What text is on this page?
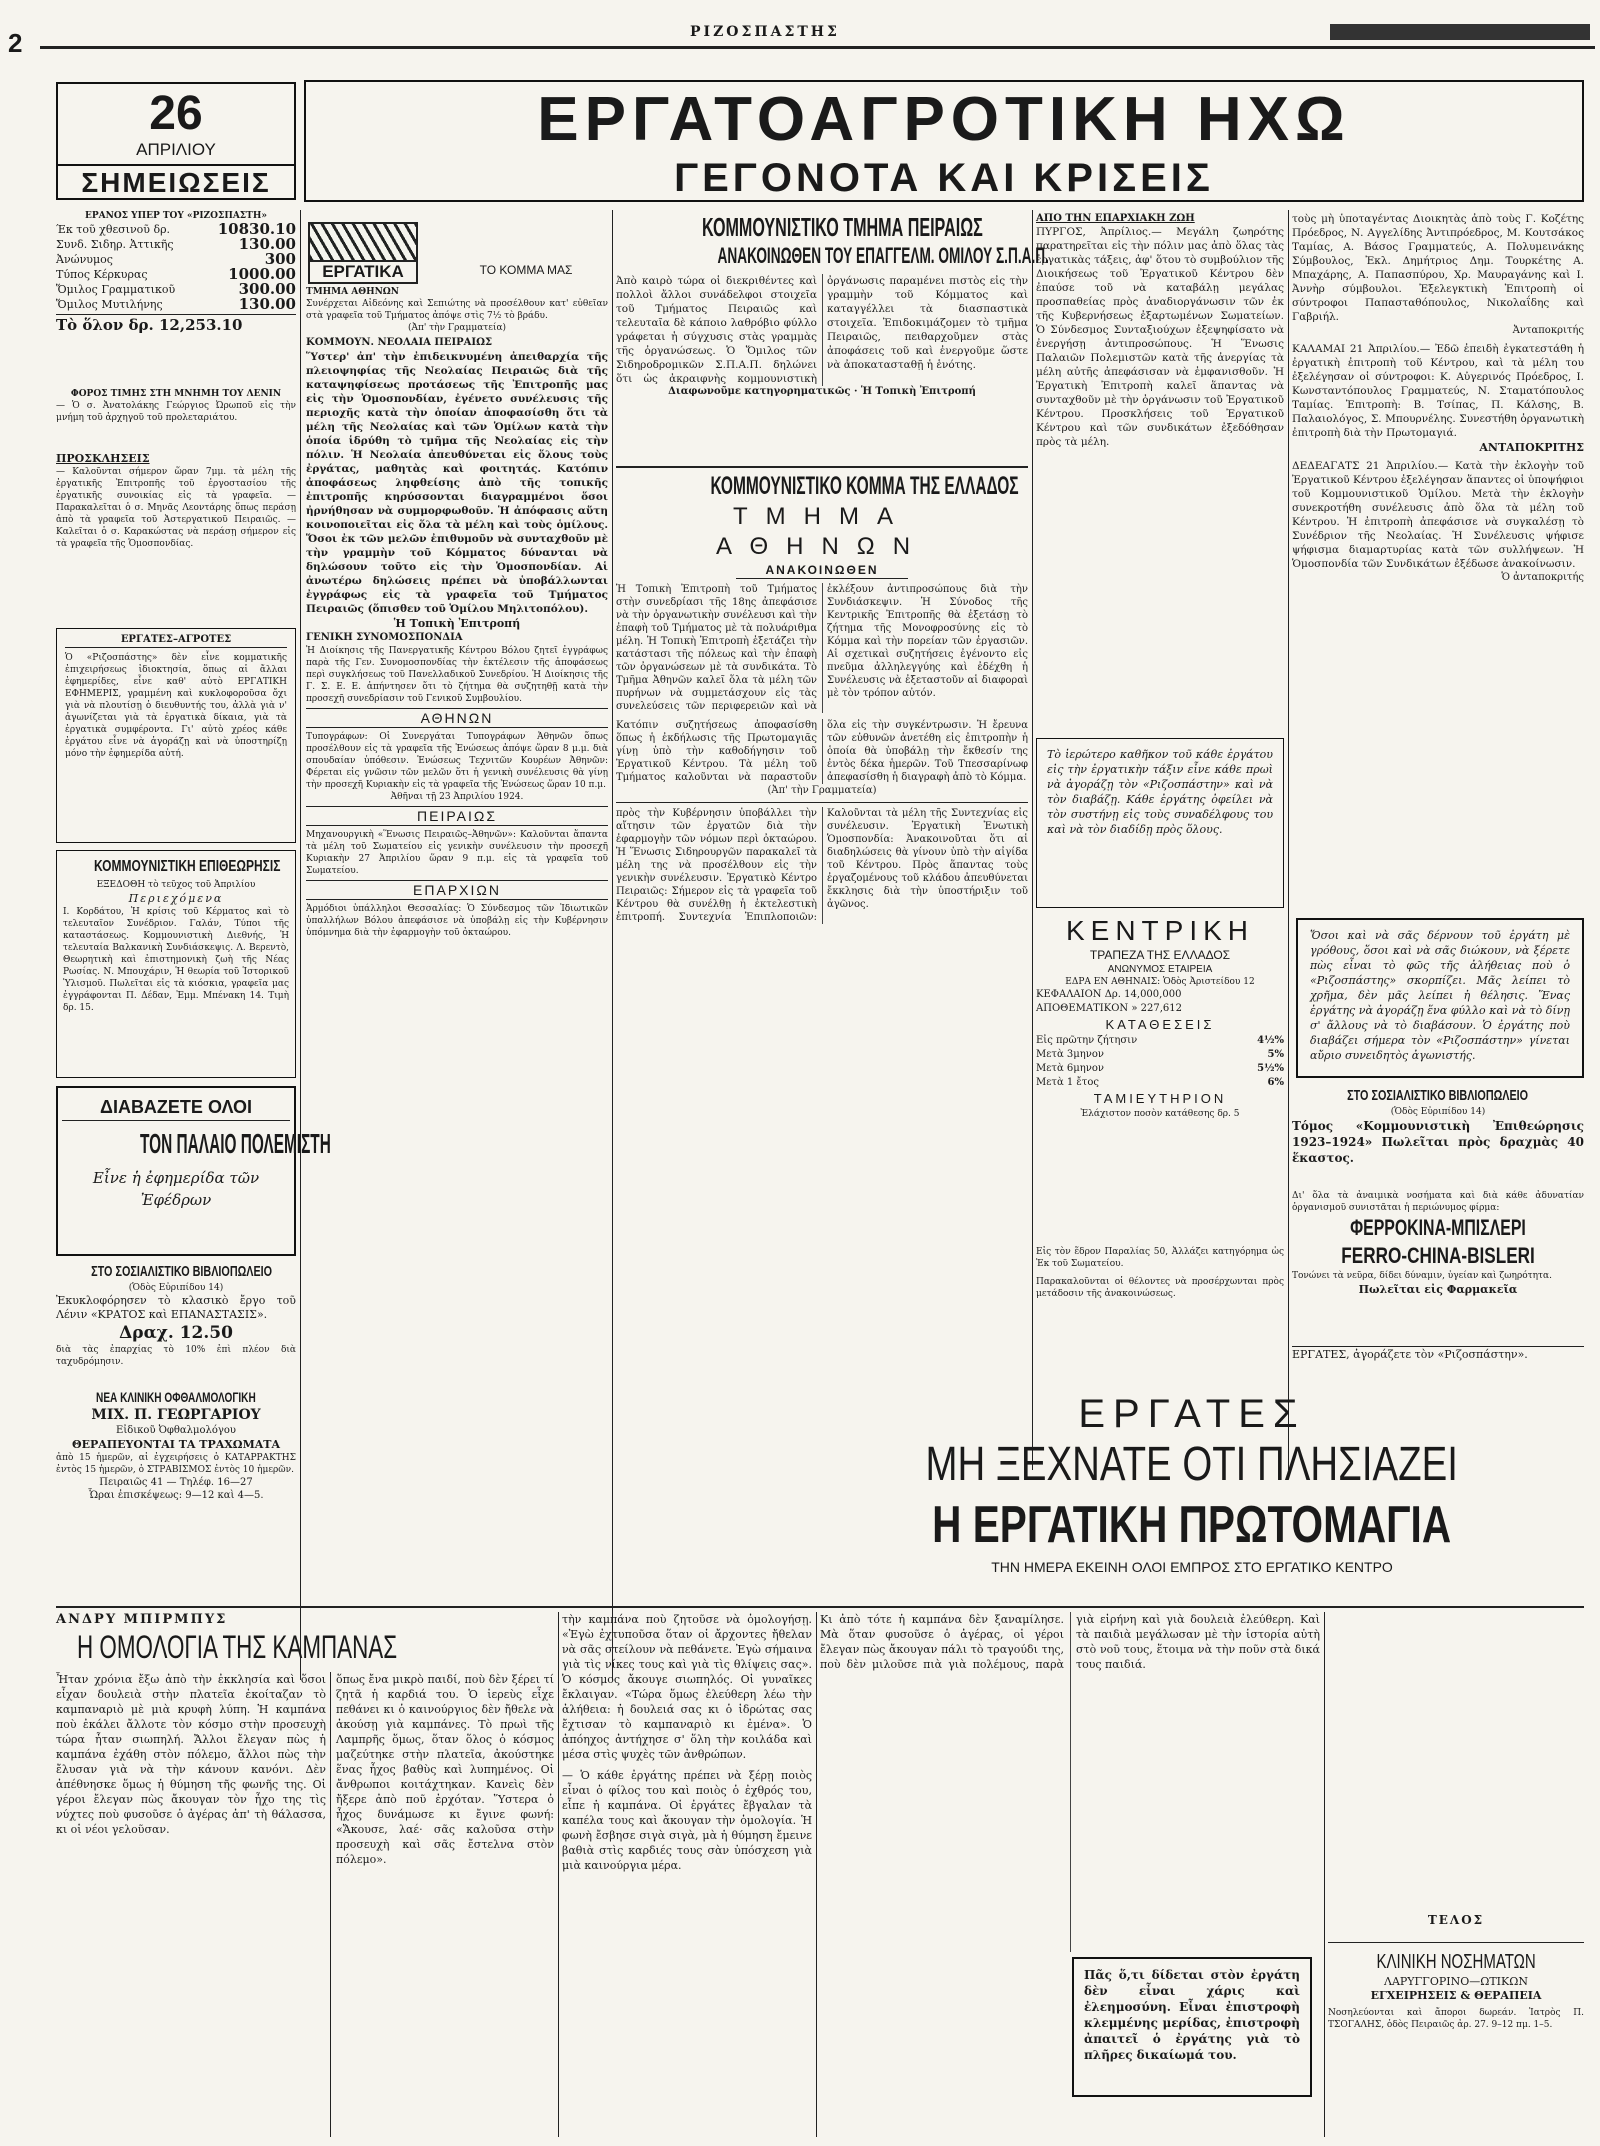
2	ΡΙΖΟΣΠΑΣΤΗΣ
26
ΑΠΡΙΛΙΟΥ
ΣΗΜΕΙΩΣΕΙΣ
ΕΡΓΑΤΟΑΓΡΟΤΙΚΗ ΗΧΩ
ΓΕΓΟΝΟΤΑ ΚΑΙ ΚΡΙΣΕΙΣ
ΕΡΑΝΟΣ ΥΠΕΡ ΤΟΥ «ΡΙΖΟΣΠΑΣΤΗ»
Έκ τοῦ χθεσινοῦ δρ.	10830.10
Συνδ. Σιδηρ. Ἀττικῆς	130.00
Ἀνώνυμος	300
Τύπος Κέρκυρας	1000.00
Ὅμιλος Γραμματικοῦ	300.00
Ὅμιλος Μυτιλήνης	130.00
Τὸ ὅλον δρ. 12,253.10
ΦΟΡΟΣ ΤΙΜΗΣ ΣΤΗ ΜΝΗΜΗ ΤΟΥ ΛΕΝΙΝ

— Ὁ σ. Ἀνατολάκης Γεώργιος Ὠρωποῦ εἰς τὴν μνήμη τοῦ ἀρχηγοῦ τοῦ προλεταριάτου.

ΠΡΟΣΚΛΗΣΕΙΣ

— Καλοῦνται σήμερον ὥραν 7μμ. τὰ μέλη τῆς ἐργατικῆς Ἐπιτροπῆς τοῦ ἐργοστασίου τῆς ἐργατικῆς συνοικίας εἰς τὰ γραφεῖα. — Παρακαλεῖται ὁ σ. Μηνᾶς Λεοντάρης ὅπως περάσῃ ἀπὸ τὰ γραφεῖα τοῦ Ἀστεργατικοῦ Πειραιῶς. — Καλεῖται ὁ σ. Καρακώστας νὰ περάσῃ σήμερον εἰς τὰ γραφεῖα τῆς Ὁμοσπονδίας.

ΕΡΓΑΤΕΣ–ΑΓΡΟΤΕΣ

Ὁ «Ριζοσπάστης» δὲν εἶνε κομματικῆς ἐπιχειρήσεως ἰδιοκτησία, ὅπως αἱ ἄλλαι ἐφημερίδες, εἶνε καθ' αὐτὸ ΕΡΓΑΤΙΚΗ ΕΦΗΜΕΡΙΣ, γραμμένη καὶ κυκλοφοροῦσα ὄχι γιὰ νὰ πλουτίσῃ ὁ διευθυντής του, ἀλλὰ γιὰ ν' ἀγωνίζεται γιὰ τὰ ἐργατικὰ δίκαια, γιὰ τὰ ἐργατικὰ συμφέροντα. Γι' αὐτὸ χρέος κάθε ἐργάτου εἶνε νὰ ἀγοράζῃ καὶ νὰ ὑποστηρίζῃ μόνο τὴν ἐφημερίδα αὐτή.

ΚΟΜΜΟΥΝΙΣΤΙΚΗ ΕΠΙΘΕΩΡΗΣΙΣ
ΕΞΕΔΟΘΗ τὸ τεῦχος τοῦ Ἀπριλίου
Περιεχόμενα

Ι. Κορδάτου, Ἡ κρίσις τοῦ Κέρματος καὶ τὸ τελευταῖον Συνέδριον. Γαλάν, Τύποι τῆς καταστάσεως. Κομμουνιστικὴ Διεθνής, Ἡ τελευταία Βαλκανικὴ Συνδιάσκεψις. Λ. Βερεντὸ, Θεωρητικὴ καὶ ἐπιστημονικὴ ζωὴ τῆς Νέας Ρωσίας. Ν. Μπουχάριν, Ἡ θεωρία τοῦ Ἱστορικοῦ Ὑλισμοῦ. Πωλεῖται εἰς τὰ κιόσκια, γραφεῖα μας ἐγγράφονται Π. Δέδαν, Ἐμμ. Μπένακη 14. Τιμὴ δρ. 15.

ΔΙΑΒΑΖΕΤΕ ΟΛΟΙ
ΤΟΝ ΠΑΛΑΙΟ ΠΟΛΕΜΙΣΤΗ
Εἶνε ἡ ἐφημερίδα τῶν Ἐφέδρων
ΣΤΟ ΣΟΣΙΑΛΙΣΤΙΚΟ ΒΙΒΛΙΟΠΩΛΕΙΟ
(Ὁδὸς Εὐριπίδου 14)

Ἐκυκλοφόρησεν τὸ κλασικὸ ἔργο τοῦ Λένιν «ΚΡΑΤΟΣ καὶ ΕΠΑΝΑΣΤΑΣΙΣ».

Δραχ. 12.50

διὰ τὰς ἐπαρχίας τὸ 10% ἐπὶ πλέον διὰ ταχυδρόμησιν.

ΝΕΑ ΚΛΙΝΙΚΗ ΟΦΘΑΛΜΟΛΟΓΙΚΗ
ΜΙΧ. Π. ΓΕΩΡΓΑΡΙΟΥ
Εἰδικοῦ Ὀφθαλμολόγου
ΘΕΡΑΠΕΥΟΝΤΑΙ ΤΑ ΤΡΑΧΩΜΑΤΑ

ἀπὸ 15 ἡμερῶν, αἱ ἐγχειρήσεις ὁ ΚΑΤΑΡΡΑΚΤΗΣ ἐντὸς 15 ἡμερῶν, ὁ ΣΤΡΑΒΙΣΜΟΣ ἐντὸς 10 ἡμερῶν.

Πειραιῶς 41 — Τηλέφ. 16—27
Ὧραι ἐπισκέψεως: 9—12 καὶ 4—5.
ΕΡΓΑΤΙΚΑ	ΤΟ ΚΟΜΜΑ ΜΑΣ
ΤΜΗΜΑ ΑΘΗΝΩΝ

Συνέρχεται Αἰδεόνης καὶ Σεπιώτης νὰ προσέλθουν κατ' εὐθεῖαν στὰ γραφεῖα τοῦ Τμήματος ἀπόψε στὶς 7½ τὸ βράδυ.

(Ἀπ' τὴν Γραμματεία)
ΚΟΜΜΟΥΝ. ΝΕΟΛΑΙΑ ΠΕΙΡΑΙΩΣ

Ὕστερ' ἀπ' τὴν ἐπιδεικνυμένη ἀπειθαρχία τῆς πλειοψηφίας τῆς Νεολαίας Πειραιῶς διὰ τῆς καταψηφίσεως προτάσεως τῆς Ἐπιτροπῆς μας εἰς τὴν Ὁμοσπονδίαν, ἐγένετο συνέλευσις τῆς περιοχῆς κατὰ τὴν ὁποίαν ἀποφασίσθη ὅτι τὰ μέλη τῆς Νεολαίας καὶ τῶν Ὁμίλων κατὰ τὴν ὁποία ἱδρύθη τὸ τμῆμα τῆς Νεολαίας εἰς τὴν πόλιν. Ἡ Νεολαία ἀπευθύνεται εἰς ὅλους τοὺς ἐργάτας, μαθητὰς καὶ φοιτητάς. Κατόπιν ἀποφάσεως ληφθείσης ἀπὸ τῆς τοπικῆς ἐπιτροπῆς κηρύσσονται διαγραμμένοι ὅσοι ἠρνήθησαν νὰ συμμορφωθοῦν. Ἡ ἀπόφασις αὕτη κοινοποιεῖται εἰς ὅλα τὰ μέλη καὶ τοὺς ὁμίλους. Ὅσοι ἐκ τῶν μελῶν ἐπιθυμοῦν νὰ συνταχθοῦν μὲ τὴν γραμμὴν τοῦ Κόμματος δύνανται νὰ δηλώσουν τοῦτο εἰς τὴν Ὁμοσπονδίαν. Αἱ ἀνωτέρω δηλώσεις πρέπει νὰ ὑποβάλλωνται ἐγγράφως εἰς τὰ γραφεῖα τοῦ Τμήματος Πειραιῶς (ὅπισθεν τοῦ Ὁμίλου Μηλιτοπόλου).

Ἡ Τοπικὴ Ἐπιτροπή
ΓΕΝΙΚΗ ΣΥΝΟΜΟΣΠΟΝΔΙΑ

Ἡ Διοίκησις τῆς Πανεργατικῆς Κέντρου Βόλου ζητεῖ ἐγγράφως παρὰ τῆς Γεν. Συνομοσπονδίας τὴν ἐκτέλεσιν τῆς ἀποφάσεως περὶ συγκλήσεως τοῦ Πανελλαδικοῦ Συνεδρίου. Ἡ Διοίκησις τῆς Γ. Σ. Ε. Ε. ἀπήντησεν ὅτι τὸ ζήτημα θὰ συζητηθῇ κατὰ τὴν προσεχῆ συνεδρίασιν τοῦ Γενικοῦ Συμβουλίου.

ΑΘΗΝΩΝ

Τυπογράφων: Οἱ Συνεργάται Τυπογράφων Ἀθηνῶν ὅπως προσέλθουν εἰς τὰ γραφεῖα τῆς Ἑνώσεως ἀπόψε ὥραν 8 μ.μ. διὰ σπουδαίαν ὑπόθεσιν. Ἑνώσεως Τεχνιτῶν Κουρέων Ἀθηνῶν: Φέρεται εἰς γνῶσιν τῶν μελῶν ὅτι ἡ γενικὴ συνέλευσις θὰ γίνῃ τὴν προσεχῆ Κυριακὴν εἰς τὰ γραφεῖα τῆς Ἑνώσεως ὥραν 10 π.μ.

Ἀθῆναι τῇ 23 Ἀπριλίου 1924.
ΠΕΙΡΑΙΩΣ

Μηχανουργικὴ «Ἕνωσις Πειραιῶς–Ἀθηνῶν»: Καλοῦνται ἅπαντα τὰ μέλη τοῦ Σωματείου εἰς γενικὴν συνέλευσιν τὴν προσεχῆ Κυριακὴν 27 Ἀπριλίου ὥραν 9 π.μ. εἰς τὰ γραφεῖα τοῦ Σωματείου.

ΕΠΑΡΧΙΩΝ

Ἁρμόδιοι ὑπάλληλοι Θεσσαλίας: Ὁ Σύνδεσμος τῶν Ἰδιωτικῶν ὑπαλλήλων Βόλου ἀπεφάσισε νὰ ὑποβάλῃ εἰς τὴν Κυβέρνησιν ὑπόμνημα διὰ τὴν ἐφαρμογὴν τοῦ ὀκταώρου.

ΚΟΜΜΟΥΝΙΣΤΙΚΟ ΤΜΗΜΑ ΠΕΙΡΑΙΩΣ
ΑΝΑΚΟΙΝΩΘΕΝ ΤΟΥ ΕΠΑΓΓΕΛΜ. ΟΜΙΛΟΥ Σ.Π.Α.Π.

Ἀπὸ καιρὸ τώρα οἱ διεκριθέντες καὶ πολλοὶ ἄλλοι συνάδελφοι στοιχεῖα τοῦ Τμήματος Πειραιῶς καὶ τελευταῖα δὲ κάποιο λαθρόβιο φύλλο γράφεται ἡ σύγχυσις στὰς γραμμὰς τῆς ὀργανώσεως. Ὁ Ὅμιλος τῶν Σιδηροδρομικῶν Σ.Π.Α.Π. δηλώνει ὅτι ὡς ἀκραιφνὴς κομμουνιστικὴ ὀργάνωσις παραμένει πιστὸς εἰς τὴν γραμμὴν τοῦ Κόμματος καὶ καταγγέλλει τὰ διασπαστικὰ στοιχεῖα. Ἐπιδοκιμάζομεν τὸ τμῆμα Πειραιῶς, πειθαρχοῦμεν στὰς ἀποφάσεις τοῦ καὶ ἐνεργοῦμε ὥστε νὰ ἀποκατασταθῇ ἡ ἑνότης.

Διαφωνοῦμε κατηγορηματικῶς · Ἡ Τοπικὴ Ἐπιτροπή
ΚΟΜΜΟΥΝΙΣΤΙΚΟ ΚΟΜΜΑ ΤΗΣ ΕΛΛΑΔΟΣ
ΤΜΗΜΑ ΑΘΗΝΩΝ
ΑΝΑΚΟΙΝΩΘΕΝ

Ἡ Τοπικὴ Ἐπιτροπὴ τοῦ Τμήματος στὴν συνεδρίασι τῆς 18ης ἀπεφάσισε νὰ τὴν ὀργανωτικὴν συνέλευσι καὶ τὴν ἐπαφὴ τοῦ Τμήματος μὲ τὰ πολυάριθμα μέλη. Ἡ Τοπικὴ Ἐπιτροπὴ ἐξετάζει τὴν κατάστασι τῆς πόλεως καὶ τὴν ἐπαφὴ τῶν ὀργανώσεων μὲ τὰ συνδικάτα. Τὸ Τμῆμα Ἀθηνῶν καλεῖ ὅλα τὰ μέλη τῶν πυρήνων νὰ συμμετάσχουν εἰς τὰς συνελεύσεις τῶν περιφερειῶν καὶ νὰ ἐκλέξουν ἀντιπροσώπους διὰ τὴν Συνδιάσκεψιν. Ἡ Σύνοδος τῆς Κεντρικῆς Ἐπιτροπῆς θὰ ἐξετάσῃ τὸ ζήτημα τῆς Μονοφροσύνης εἰς τὸ Κόμμα καὶ τὴν πορείαν τῶν ἐργασιῶν. Αἱ σχετικαὶ συζητήσεις ἐγένοντο εἰς πνεῦμα ἀλληλεγγύης καὶ ἐδέχθη ἡ Συνέλευσις νὰ ἐξεταστοῦν αἱ διαφοραὶ μὲ τὸν τρόπον αὐτόν.

Κατόπιν συζητήσεως ἀποφασίσθη ὅπως ἡ ἐκδήλωσις τῆς Πρωτομαγιᾶς γίνῃ ὑπὸ τὴν καθοδήγησιν τοῦ Ἐργατικοῦ Κέντρου. Τὰ μέλη τοῦ Τμήματος καλοῦνται νὰ παραστοῦν ὅλα εἰς τὴν συγκέντρωσιν. Ἡ ἔρευνα τῶν εὐθυνῶν ἀνετέθη εἰς ἐπιτροπὴν ἡ ὁποία θὰ ὑποβάλῃ τὴν ἔκθεσίν της ἐντὸς δέκα ἡμερῶν. Τοῦ Τπεσσαρίνωφ ἀπεφασίσθη ἡ διαγραφὴ ἀπὸ τὸ Κόμμα.

(Ἀπ' τὴν Γραμματεία)

πρὸς τὴν Κυβέρνησιν ὑποβάλλει τὴν αἴτησιν τῶν ἐργατῶν διὰ τὴν ἐφαρμογὴν τῶν νόμων περὶ ὀκταώρου. Ἡ Ἕνωσις Σιδηρουργῶν παρακαλεῖ τὰ μέλη της νὰ προσέλθουν εἰς τὴν γενικὴν συνέλευσιν. Ἐργατικὸ Κέντρο Πειραιῶς: Σήμερον εἰς τὰ γραφεῖα τοῦ Κέντρου θὰ συνέλθῃ ἡ ἐκτελεστικὴ ἐπιτροπή. Συντεχνία Ἐπιπλοποιῶν: Καλοῦνται τὰ μέλη τῆς Συντεχνίας εἰς συνέλευσιν. Ἐργατικὴ Ἐνωτικὴ Ὁμοσπονδία: Ἀνακοινοῦται ὅτι αἱ διαδηλώσεις θὰ γίνουν ὑπὸ τὴν αἰγίδα τοῦ Κέντρου. Πρὸς ἅπαντας τοὺς ἐργαζομένους τοῦ κλάδου ἀπευθύνεται ἔκκλησις διὰ τὴν ὑποστήριξιν τοῦ ἀγῶνος.

ΑΠΟ ΤΗΝ ΕΠΑΡΧΙΑΚΗ ΖΩΗ

ΠΥΡΓΟΣ, Ἀπρίλιος.— Μεγάλη ζωηρότης παρατηρεῖται εἰς τὴν πόλιν μας ἀπὸ ὅλας τὰς ἐργατικὰς τάξεις, ἀφ' ὅτου τὸ συμβούλιον τῆς Διοικήσεως τοῦ Ἐργατικοῦ Κέντρου δὲν ἐπαύσε τοῦ νὰ καταβάλῃ μεγάλας προσπαθείας πρὸς ἀναδιοργάνωσιν τῶν ἐκ τῆς Κυβερνήσεως ἐξαρτωμένων Σωματείων. Ὁ Σύνδεσμος Συνταξιούχων ἐξεψηφίσατο νὰ ἐνεργήσῃ ἀντιπροσώπους. Ἡ Ἕνωσις Παλαιῶν Πολεμιστῶν κατὰ τῆς ἀνεργίας τὰ μέλη αὐτῆς ἀπεφάσισαν νὰ ἐμφανισθοῦν. Ἡ Ἐργατικὴ Ἐπιτροπὴ καλεῖ ἅπαντας νὰ συνταχθοῦν μὲ τὴν ὀργάνωσιν τοῦ Ἐργατικοῦ Κέντρου. Προσκλήσεις τοῦ Ἐργατικοῦ Κέντρου καὶ τῶν συνδικάτων ἐξεδόθησαν πρὸς τὰ μέλη.

Τὸ ἱερώτερο καθῆκον τοῦ κάθε ἐργάτου εἰς τὴν ἐργατικὴν τάξιν εἶνε κάθε πρωὶ νὰ ἀγοράζῃ τὸν «Ριζοσπάστην» καὶ νὰ τὸν διαβάζῃ. Κάθε ἐργάτης ὀφείλει νὰ τὸν συστήνῃ εἰς τοὺς συναδέλφους του καὶ νὰ τὸν διαδίδῃ πρὸς ὅλους.

ΚΕΝΤΡΙΚΗ
ΤΡΑΠΕΖΑ ΤΗΣ ΕΛΛΑΔΟΣ
ΑΝΩΝΥΜΟΣ ΕΤΑΙΡΕΙΑ
ΕΔΡΑ ΕΝ ΑΘΗΝΑΙΣ: Ὁδὸς Ἀριστείδου 12
ΚΕΦΑΛΑΙΟΝ Δρ. 14,000,000
ΑΠΟΘΕΜΑΤΙΚΟΝ » 227,612
ΚΑΤΑΘΕΣΕΙΣ
Εἰς πρῶτην ζήτησιν	4½%
Μετὰ 3μηνον	5%
Μετὰ 6μηνον	5½%
Μετὰ 1 ἔτος	6%
ΤΑΜΙΕΥΤΗΡΙΟΝ
Ἐλάχιστον ποσὸν κατάθεσης δρ. 5

Εἰς τὸν ἕδρον Παραλίας 50, Ἀλλάζει κατηγόρημα ὡς Ἐκ τοῦ Σωματείου.

Παρακαλοῦνται οἱ θέλοντες νὰ προσέρχωνται πρὸς μετάδοσιν τῆς ἀνακοινώσεως.

τοὺς μὴ ὑποταγέντας Διοικητὰς ἀπὸ τοὺς Γ. Κοζέτης Πρόεδρος, Ν. Αγγελίδης Ἀντιπρόεδρος, Μ. Κουτσάκος Ταμίας, Α. Βάσος Γραμματεύς, Α. Πολυμεινάκης Σύμβουλος, Ἐκλ. Δημήτριος Δημ. Τουρκέτης Α. Μπαχάρης, Α. Παπασπύρου, Χρ. Μαυραγάνης καὶ Ι. Ἀννὴρ σύμβουλοι. Ἐξελεγκτικὴ Ἐπιτροπὴ οἱ σύντροφοι Παπασταθόπουλος, Νικολαΐδης καὶ Γαβριήλ.

Ἀνταποκριτής

ΚΑΛΑΜΑΙ 21 Ἀπριλίου.— Ἐδῶ ἐπειδὴ ἐγκατεστάθη ἡ ἐργατικὴ ἐπιτροπὴ τοῦ Κέντρου, καὶ τὰ μέλη του ἐξελέγησαν οἱ σύντροφοι: Κ. Αὐγερινός Πρόεδρος, Ι. Κωνσταντόπουλος Γραμματεύς, Ν. Σταματόπουλος Ταμίας. Ἐπιτροπὴ: Β. Τσίπας, Π. Κάλσης, Β. Παλαιολόγος, Σ. Μπουρνέλης. Συνεστήθη ὀργανωτικὴ ἐπιτροπὴ διὰ τὴν Πρωτομαγιά.

ΑΝΤΑΠΟΚΡΙΤΗΣ

ΔΕΔΕΑΓΑΤΣ 21 Ἀπριλίου.— Κατὰ τὴν ἐκλογὴν τοῦ Ἐργατικοῦ Κέντρου ἐξελέγησαν ἅπαντες οἱ ὑποψήφιοι τοῦ Κομμουνιστικοῦ Ὁμίλου. Μετὰ τὴν ἐκλογὴν συνεκροτήθη συνέλευσις ἀπὸ ὅλα τὰ μέλη τοῦ Κέντρου. Ἡ ἐπιτροπὴ ἀπεφάσισε νὰ συγκαλέσῃ τὸ Συνέδριον τῆς Νεολαίας. Ἡ Συνέλευσις ψήφισε ψήφισμα διαμαρτυρίας κατὰ τῶν συλλήψεων. Ἡ Ὁμοσπονδία τῶν Συνδικάτων ἐξέδωσε ἀνακοίνωσιν.

Ὁ ἀνταποκριτής

Ὅσοι καὶ νὰ σᾶς δέρνουν τοῦ ἐργάτη μὲ γρόθους, ὅσοι καὶ νὰ σᾶς διώκουν, νὰ ξέρετε πὼς εἶναι τὸ φῶς τῆς ἀλήθειας ποὺ ὁ «Ριζοσπάστης» σκορπίζει. Μᾶς λείπει τὸ χρῆμα, δὲν μᾶς λείπει ἡ θέλησις. Ἕνας ἐργάτης νὰ ἀγοράζῃ ἕνα φύλλο καὶ νὰ τὸ δίνῃ σ' ἄλλους νὰ τὸ διαβάσουν. Ὁ ἐργάτης ποὺ διαβάζει σήμερα τὸν «Ριζοσπάστην» γίνεται αὔριο συνειδητὸς ἀγωνιστής.

ΣΤΟ ΣΟΣΙΑΛΙΣΤΙΚΟ ΒΙΒΛΙΟΠΩΛΕΙΟ
(Ὁδὸς Εὐριπίδου 14)

Τόμος «Κομμουνιστικὴ Ἐπιθεώρησις 1923–1924» Πωλεῖται πρὸς δραχμὰς 40 ἕκαστος.

Δι' ὅλα τὰ ἀναιμικὰ νοσήματα καὶ διὰ κάθε ἀδυνατίαν ὀργανισμοῦ συνιστᾶται ἡ περιώνυμος φίρμα:

ΦΕΡΡΟΚΙΝΑ-ΜΠΙΣΛΕΡΙ
FERRO-CHINA-BISLERI

Τονώνει τὰ νεῦρα, δίδει δύναμιν, ὑγείαν καὶ ζωηρότητα.

Πωλεῖται εἰς Φαρμακεῖα

ΕΡΓΑΤΕΣ, ἀγοράζετε τὸν «Ριζοσπάστην».

ΕΡΓΑΤΕΣ
ΜΗ ΞΕΧΝΑΤΕ ΟΤΙ ΠΛΗΣΙΑΖΕΙ
Η ΕΡΓΑΤΙΚΗ ΠΡΩΤΟΜΑΓΙΑ
ΤΗΝ ΗΜΕΡΑ ΕΚΕΙΝΗ ΟΛΟΙ ΕΜΠΡΟΣ ΣΤΟ ΕΡΓΑΤΙΚΟ ΚΕΝΤΡΟ
ΑΝΔΡΥ ΜΠΙΡΜΠΥΣ
Η ΟΜΟΛΟΓΙΑ ΤΗΣ ΚΑΜΠΑΝΑΣ

Ἦταν χρόνια ἔξω ἀπὸ τὴν ἐκκλησία καὶ ὅσοι εἶχαν δουλειὰ στὴν πλατεῖα ἐκοίταζαν τὸ καμπαναριὸ μὲ μιὰ κρυφὴ λύπη. Ἡ καμπάνα ποὺ ἐκάλει ἄλλοτε τὸν κόσμο στὴν προσευχὴ τώρα ἦταν σιωπηλή. Ἄλλοι ἔλεγαν πὼς ἡ καμπάνα ἐχάθη στὸν πόλεμο, ἄλλοι πὼς τὴν ἔλυσαν γιὰ νὰ τὴν κάνουν κανόνι. Δὲν ἀπέθνησκε ὅμως ἡ θύμηση τῆς φωνῆς της. Οἱ γέροι ἔλεγαν πὼς ἄκουγαν τὸν ἦχο της τὶς νύχτες ποὺ φυσοῦσε ὁ ἀγέρας ἀπ' τὴ θάλασσα, κι οἱ νέοι γελοῦσαν.

ὅπως ἔνα μικρὸ παιδί, ποὺ δὲν ξέρει τί ζητᾶ ἡ καρδιά του. Ὁ ἱερεὺς εἶχε πεθάνει κι ὁ καινούργιος δὲν ἤθελε νὰ ἀκούσῃ γιὰ καμπάνες. Τὸ πρωὶ τῆς Λαμπρῆς ὅμως, ὅταν ὅλος ὁ κόσμος μαζεύτηκε στὴν πλατεῖα, ἀκούστηκε ἕνας ἦχος βαθὺς καὶ λυπημένος. Οἱ ἄνθρωποι κοιτάχτηκαν. Κανεὶς δὲν ἤξερε ἀπὸ ποῦ ἐρχόταν. Ὕστερα ὁ ἦχος δυνάμωσε κι ἔγινε φωνή: «Ἄκουσε, λαέ· σᾶς καλοῦσα στὴν προσευχὴ καὶ σᾶς ἔστελνα στὸν πόλεμο».

τὴν καμπάνα ποὺ ζητοῦσε νὰ ὁμολογήσῃ. «Ἐγὼ ἐχτυποῦσα ὅταν οἱ ἄρχοντες ἤθελαν νὰ σᾶς στείλουν νὰ πεθάνετε. Ἐγὼ σήμαινα γιὰ τὶς νίκες τους καὶ γιὰ τὶς θλίψεις σας». Ὁ κόσμος ἄκουγε σιωπηλός. Οἱ γυναῖκες ἔκλαιγαν. «Τώρα ὅμως ἐλεύθερη λέω τὴν ἀλήθεια: ἡ δουλειά σας κι ὁ ἱδρώτας σας ἔχτισαν τὸ καμπαναριὸ κι ἐμένα». Ὁ ἀπόηχος ἀντήχησε σ' ὅλη τὴν κοιλάδα καὶ μέσα στὶς ψυχὲς τῶν ἀνθρώπων.

— Ὁ κάθε ἐργάτης πρέπει νὰ ξέρῃ ποιὸς εἶναι ὁ φίλος του καὶ ποιὸς ὁ ἐχθρός του, εἶπε ἡ καμπάνα. Οἱ ἐργάτες ἔβγαλαν τὰ καπέλα τους καὶ ἄκουγαν τὴν ὁμολογία. Ἡ φωνὴ ἔσβησε σιγὰ σιγὰ, μὰ ἡ θύμηση ἔμεινε βαθιὰ στὶς καρδιές τους σὰν ὑπόσχεση γιὰ μιὰ καινούργια μέρα.

Κι ἀπὸ τότε ἡ καμπάνα δὲν ξαναμίλησε. Μὰ ὅταν φυσοῦσε ὁ ἀγέρας, οἱ γέροι ἔλεγαν πὼς ἄκουγαν πάλι τὸ τραγούδι της, ποὺ δὲν μιλοῦσε πιὰ γιὰ πολέμους, παρὰ γιὰ εἰρήνη καὶ γιὰ δουλειὰ ἐλεύθερη. Καὶ τὰ παιδιὰ μεγάλωσαν μὲ τὴν ἱστορία αὐτὴ στὸ νοῦ τους, ἕτοιμα νὰ τὴν ποῦν στὰ δικά τους παιδιά.

Πᾶς ὅ,τι δίδεται στὸν ἐργάτη δὲν εἶναι χάρις καὶ ἐλεημοσύνη. Εἶναι ἐπιστροφὴ κλεμμένης μερίδας, ἐπιστροφὴ ἀπαιτεῖ ὁ ἐργάτης γιὰ τὸ πλῆρες δικαίωμά του.

ΤΕΛΟΣ
ΚΛΙΝΙΚΗ ΝΟΣΗΜΑΤΩΝ
ΛΑΡΥΓΓΟΡΙΝΟ—ΩΤΙΚΩΝ
ΕΓΧΕΙΡΗΣΕΙΣ & ΘΕΡΑΠΕΙΑ

Νοσηλεύονται καὶ ἄποροι δωρεάν. Ἰατρὸς Π. ΤΣΟΓΑΛΗΣ, ὁδὸς Πειραιῶς ἀρ. 27. 9–12 πμ. 1–5.
